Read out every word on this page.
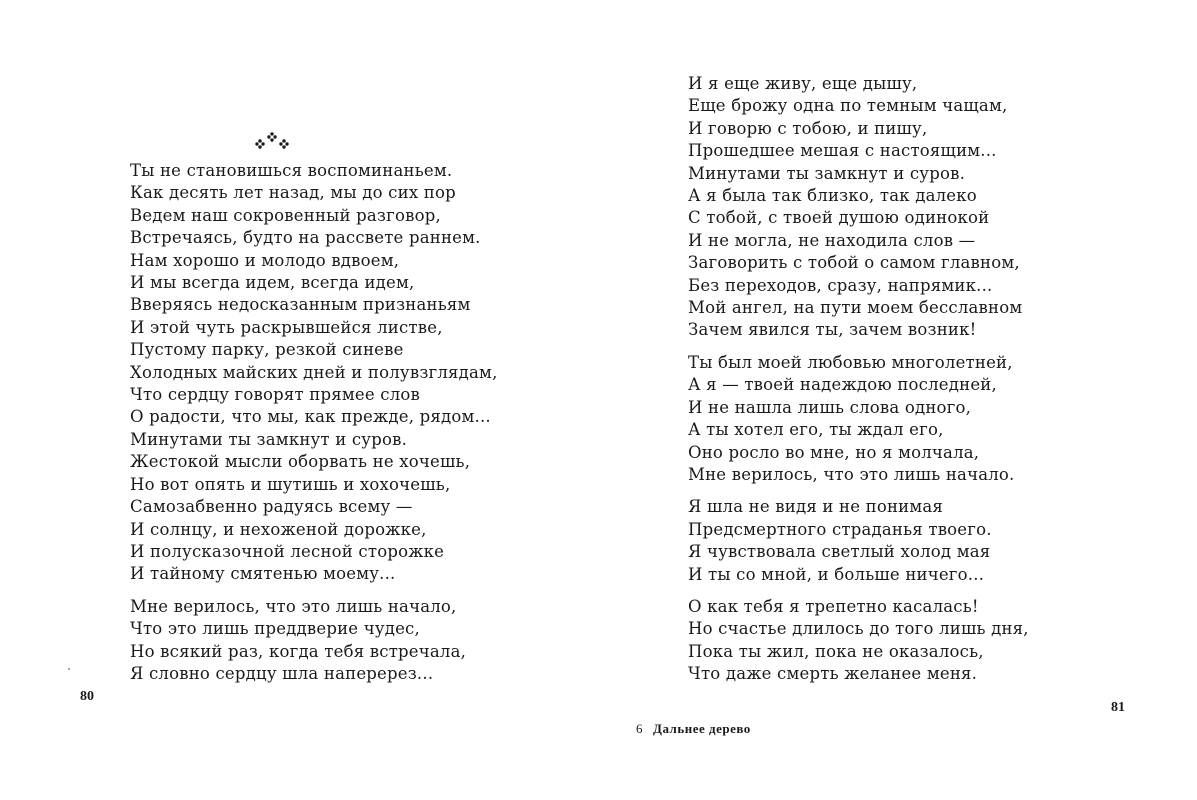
Ты не становишься воспоминаньем.
Как десять лет назад, мы до сих пор
Ведем наш сокровенный разговор,
Встречаясь, будто на рассвете раннем.
Нам хорошо и молодо вдвоем,
И мы всегда идем, всегда идем,
Вверяясь недосказанным признаньям
И этой чуть раскрывшейся листве,
Пустому парку, резкой синеве
Холодных майских дней и полувзглядам,
Что сердцу говорят прямее слов
О радости, что мы, как прежде, рядом...
Минутами ты замкнут и суров.
Жестокой мысли оборвать не хочешь,
Но вот опять и шутишь и хохочешь,
Самозабвенно радуясь всему —
И солнцу, и нехоженой дорожке,
И полусказочной лесной сторожке
И тайному смятенью моему...
Мне верилось, что это лишь начало,
Что это лишь преддверие чудес,
Но всякий раз, когда тебя встречала,
Я словно сердцу шла наперерез...
80
И я еще живу, еще дышу,
Еще брожу одна по темным чащам,
И говорю с тобою, и пишу,
Прошедшее мешая с настоящим...
Минутами ты замкнут и суров.
А я была так близко, так далеко
С тобой, с твоей душою одинокой
И не могла, не находила слов —
Заговорить с тобой о самом главном,
Без переходов, сразу, напрямик...
Мой ангел, на пути моем бесславном
Зачем явился ты, зачем возник!
Ты был моей любовью многолетней,
А я — твоей надеждою последней,
И не нашла лишь слова одного,
А ты хотел его, ты ждал его,
Оно росло во мне, но я молчала,
Мне верилось, что это лишь начало.
Я шла не видя и не понимая
Предсмертного страданья твоего.
Я чувствовала светлый холод мая
И ты со мной, и больше ничего...
О как тебя я трепетно касалась!
Но счастье длилось до того лишь дня,
Пока ты жил, пока не оказалось,
Что даже смерть желанее меня.
6 Дальнее дерево
81
